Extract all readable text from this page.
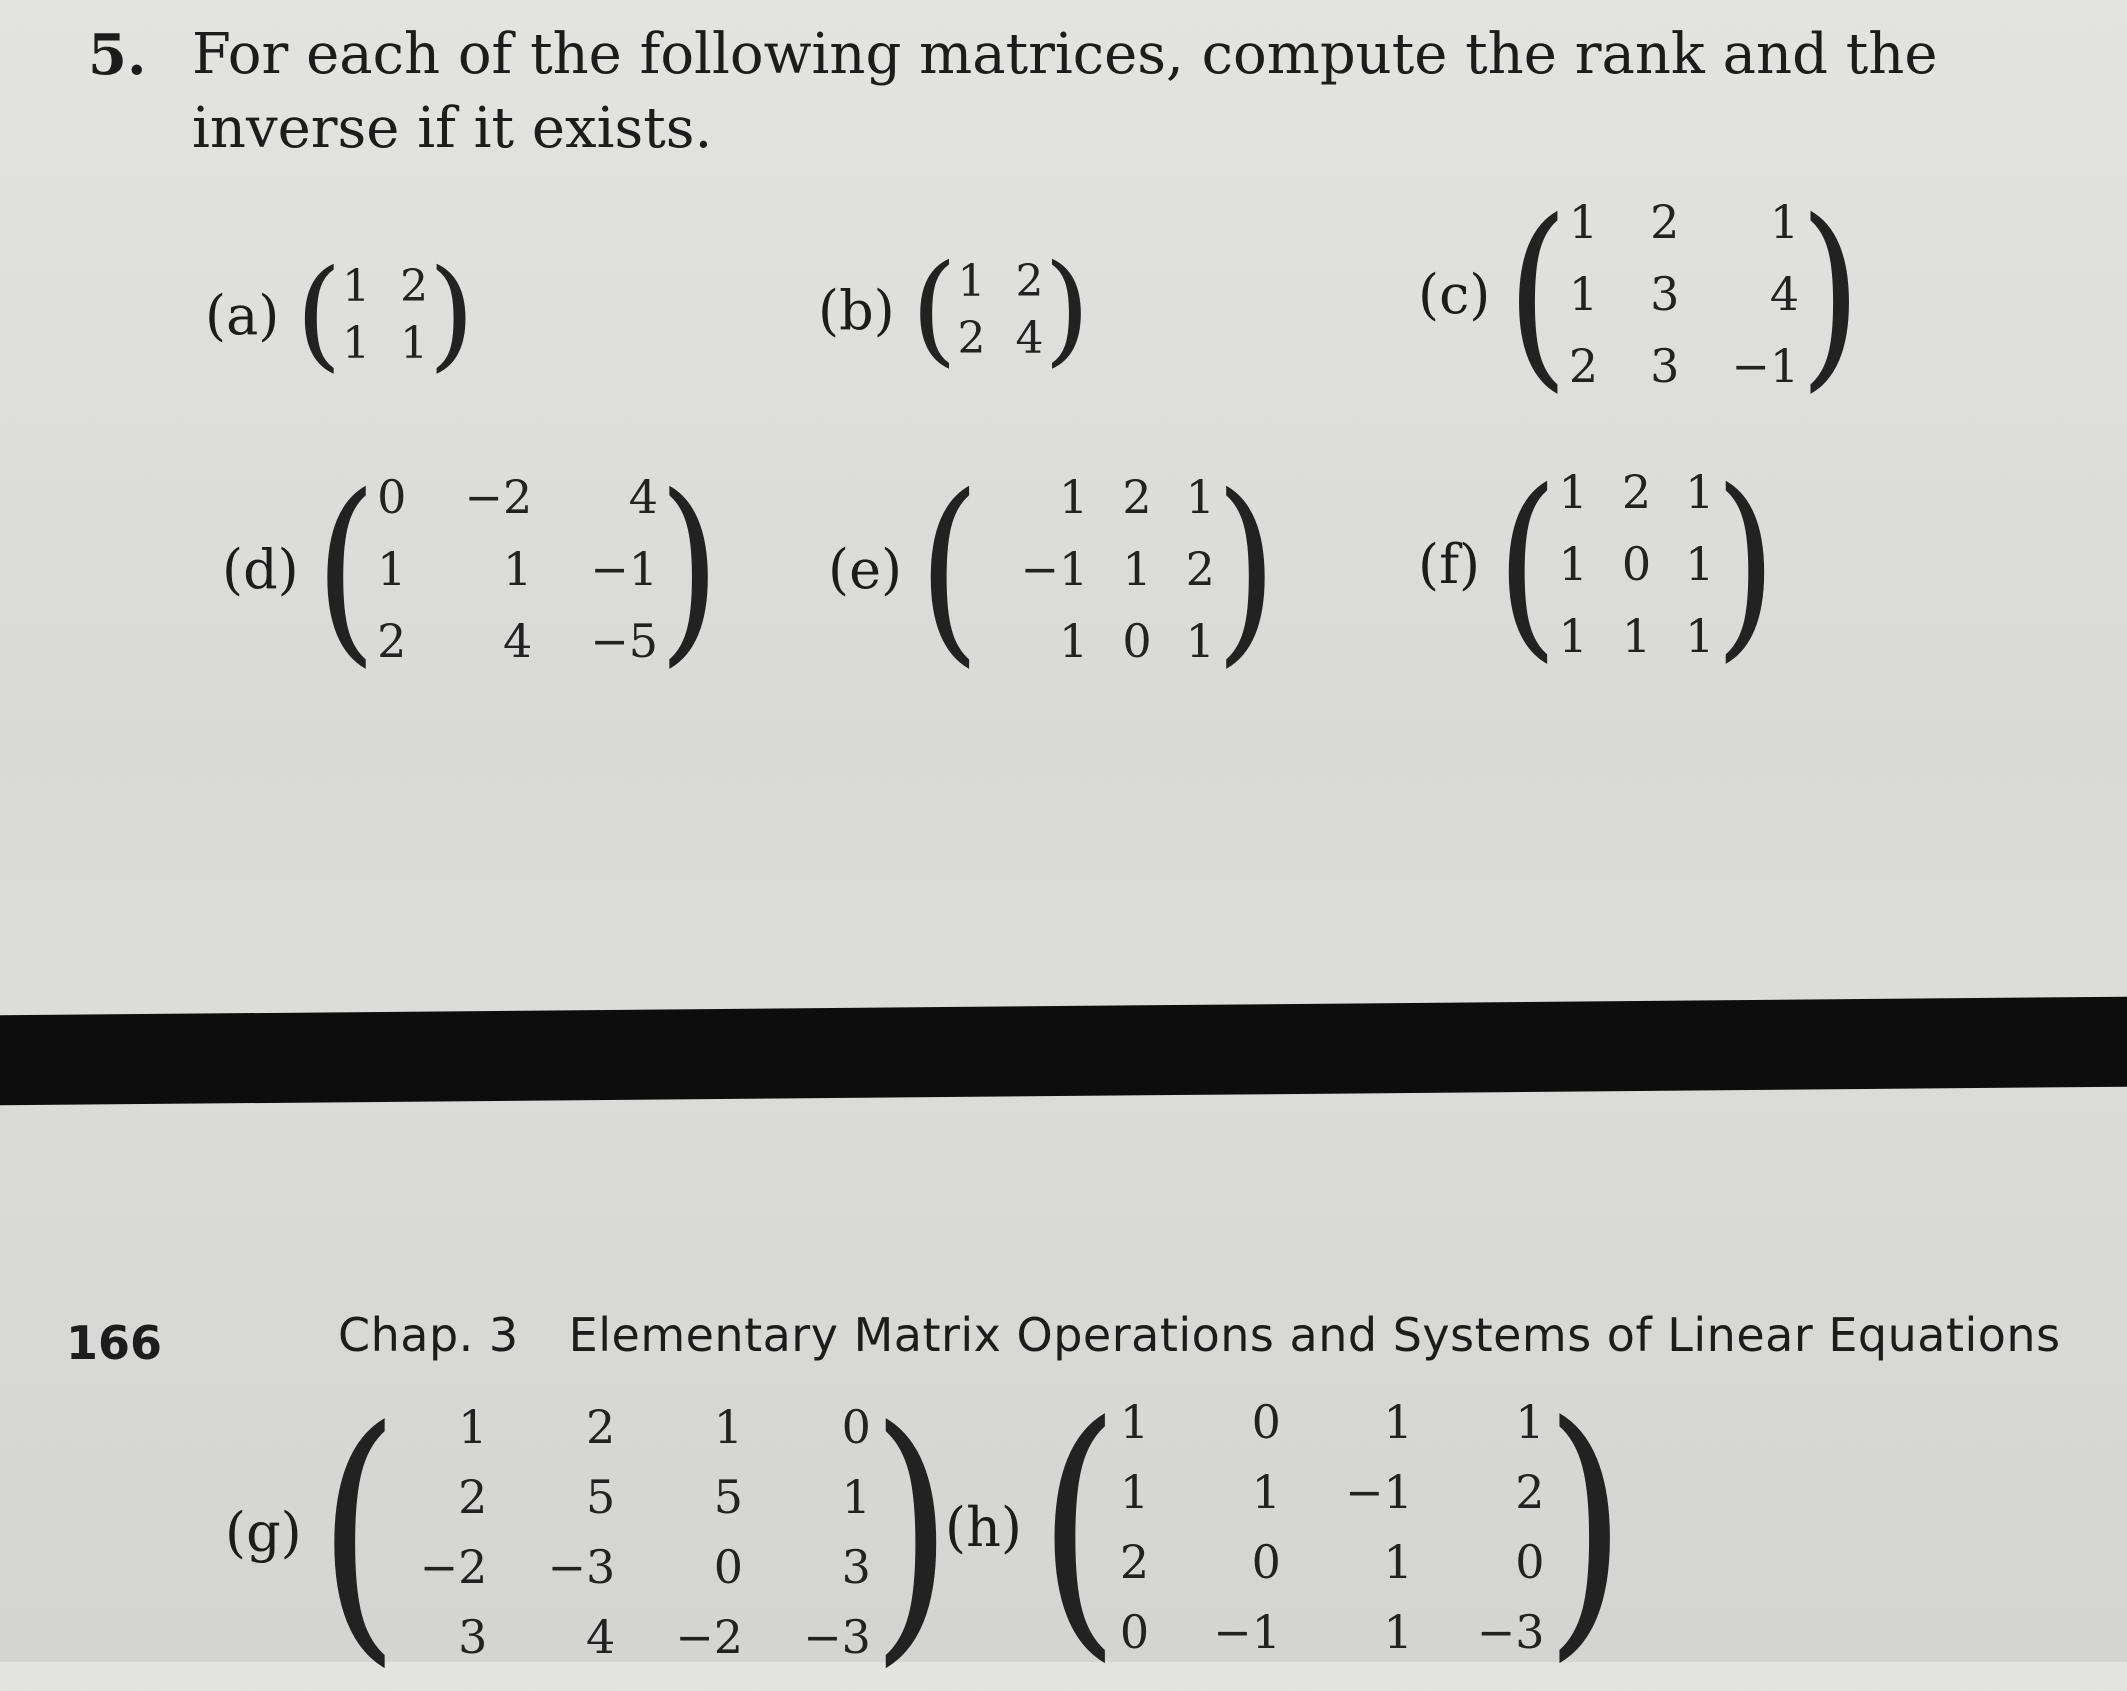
5. For each of the following matrices, compute the rank and the inverse if it exists.
(a) ( 1 2
1 1 )	(b) ( 1 2
2 4 )	(c) ( 1 2	1
1 3	4
2 3 −1 )
(d) ( 0 −2	4
1	1 −1
2	4 −5 ) (e) (	1 2 1
−1 1 2
1 0 1 )	(f) ( 1 2 1
1 0 1
1 1 1 )
166	Chap. 3 Elementary Matrix Operations and Systems of Linear Equations
(g) (	1	2	1	0
2	5	5	1
−2 −3	0	3
3	4 −2 −3 )
(h) ( 1	0	1	1
1	1 −1	2
2	0	1	0
0 −1	1 −3 )
